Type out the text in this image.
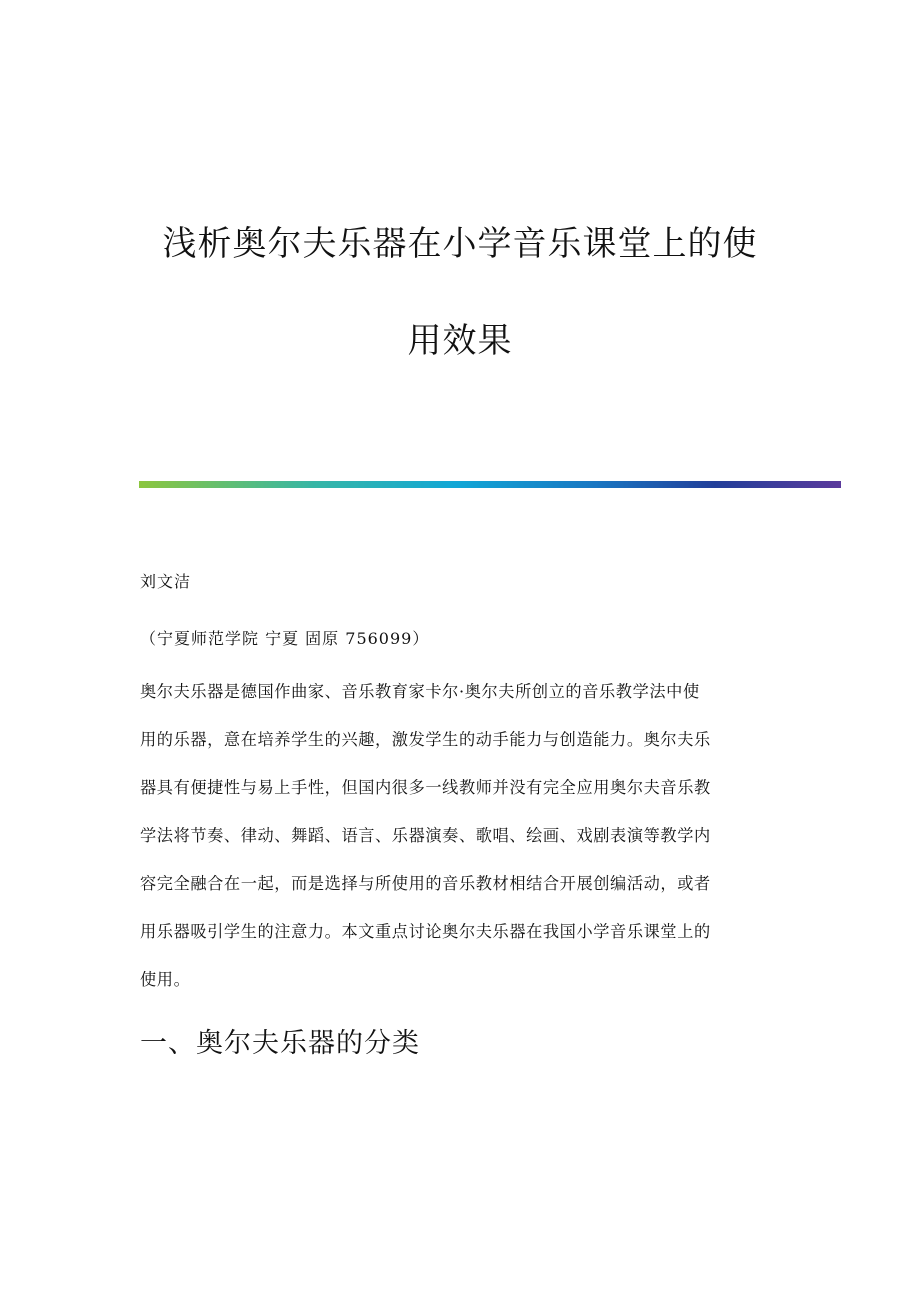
浅析奥尔夫乐器在小学音乐课堂上的使
用效果
刘文洁
（宁夏师范学院 宁夏 固原 756099）
奥尔夫乐器是德国作曲家、音乐教育家卡尔·奥尔夫所创立的音乐教学法中使
用的乐器，意在培养学生的兴趣，激发学生的动手能力与创造能力。奥尔夫乐
器具有便捷性与易上手性，但国内很多一线教师并没有完全应用奥尔夫音乐教
学法将节奏、律动、舞蹈、语言、乐器演奏、歌唱、绘画、戏剧表演等教学内
容完全融合在一起，而是选择与所使用的音乐教材相结合开展创编活动，或者
用乐器吸引学生的注意力。本文重点讨论奥尔夫乐器在我国小学音乐课堂上的
使用。
一、奥尔夫乐器的分类
